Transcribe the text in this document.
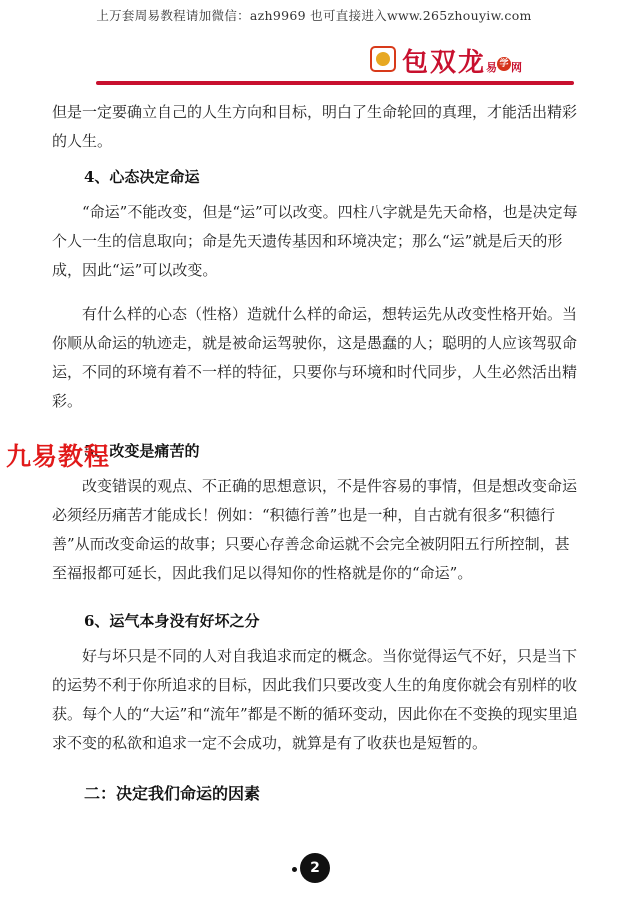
上万套周易教程请加微信：azh9969 也可直接进入www.265zhouyiw.com
包双龙易 学 网

但是一定要确立自己的人生方向和目标，明白了生命轮回的真理，才能活出精彩的人生。

4、心态决定命运

“命运”不能改变，但是“运”可以改变。四柱八字就是先天命格，也是决定每个人一生的信息取向；命是先天遗传基因和环境决定；那么“运”就是后天的形成，因此“运”可以改变。

有什么样的心态（性格）造就什么样的命运，想转运先从改变性格开始。当你顺从命运的轨迹走，就是被命运驾驶你，这是愚蠢的人；聪明的人应该驾驭命运，不同的环境有着不一样的特征，只要你与环境和时代同步，人生必然活出精彩。

5、改变是痛苦的
九易教程

改变错误的观点、不正确的思想意识，不是件容易的事情，但是想改变命运必须经历痛苦才能成长！例如：“积德行善”也是一种，自古就有很多“积德行善”从而改变命运的故事；只要心存善念命运就不会完全被阴阳五行所控制，甚至福报都可延长，因此我们足以得知你的性格就是你的“命运”。

6、运气本身没有好坏之分

好与坏只是不同的人对自我追求而定的概念。当你觉得运气不好，只是当下的运势不利于你所追求的目标，因此我们只要改变人生的角度你就会有别样的收获。每个人的“大运”和“流年”都是不断的循环变动，因此你在不变换的现实里追求不变的私欲和追求一定不会成功，就算是有了收获也是短暂的。

二：决定我们命运的因素
2
